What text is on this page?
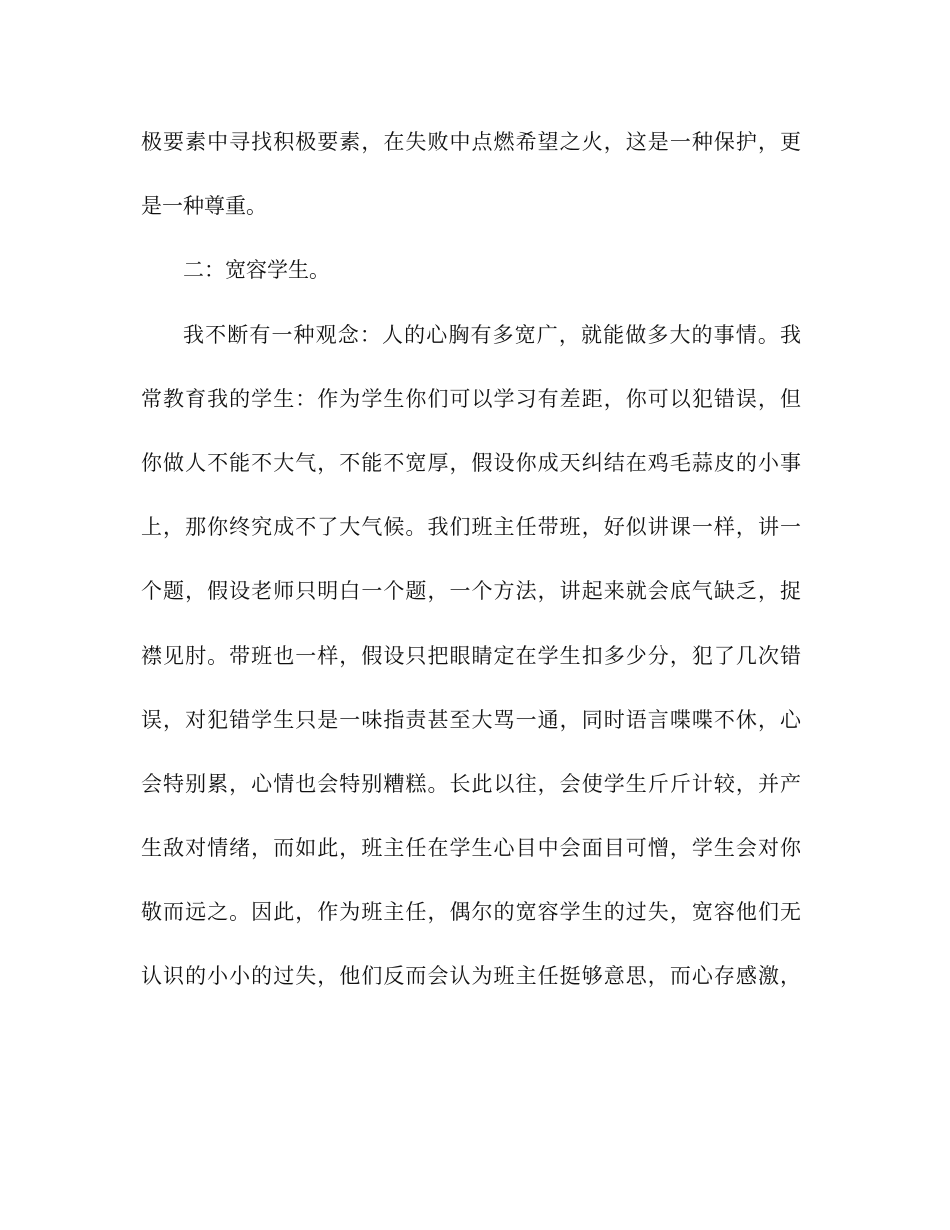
极要素中寻找积极要素，在失败中点燃希望之火，这是一种保护，更
是一种尊重。
二：宽容学生。
我不断有一种观念：人的心胸有多宽广，就能做多大的事情。我
常教育我的学生：作为学生你们可以学习有差距，你可以犯错误，但
你做人不能不大气，不能不宽厚，假设你成天纠结在鸡毛蒜皮的小事
上，那你终究成不了大气候。我们班主任带班，好似讲课一样，讲一
个题，假设老师只明白一个题，一个方法，讲起来就会底气缺乏，捉
襟见肘。带班也一样，假设只把眼睛定在学生扣多少分，犯了几次错
误，对犯错学生只是一味指责甚至大骂一通，同时语言喋喋不休，心
会特别累，心情也会特别糟糕。长此以往，会使学生斤斤计较，并产
生敌对情绪，而如此，班主任在学生心目中会面目可憎，学生会对你
敬而远之。因此，作为班主任，偶尔的宽容学生的过失，宽容他们无
认识的小小的过失，他们反而会认为班主任挺够意思，而心存感激，
